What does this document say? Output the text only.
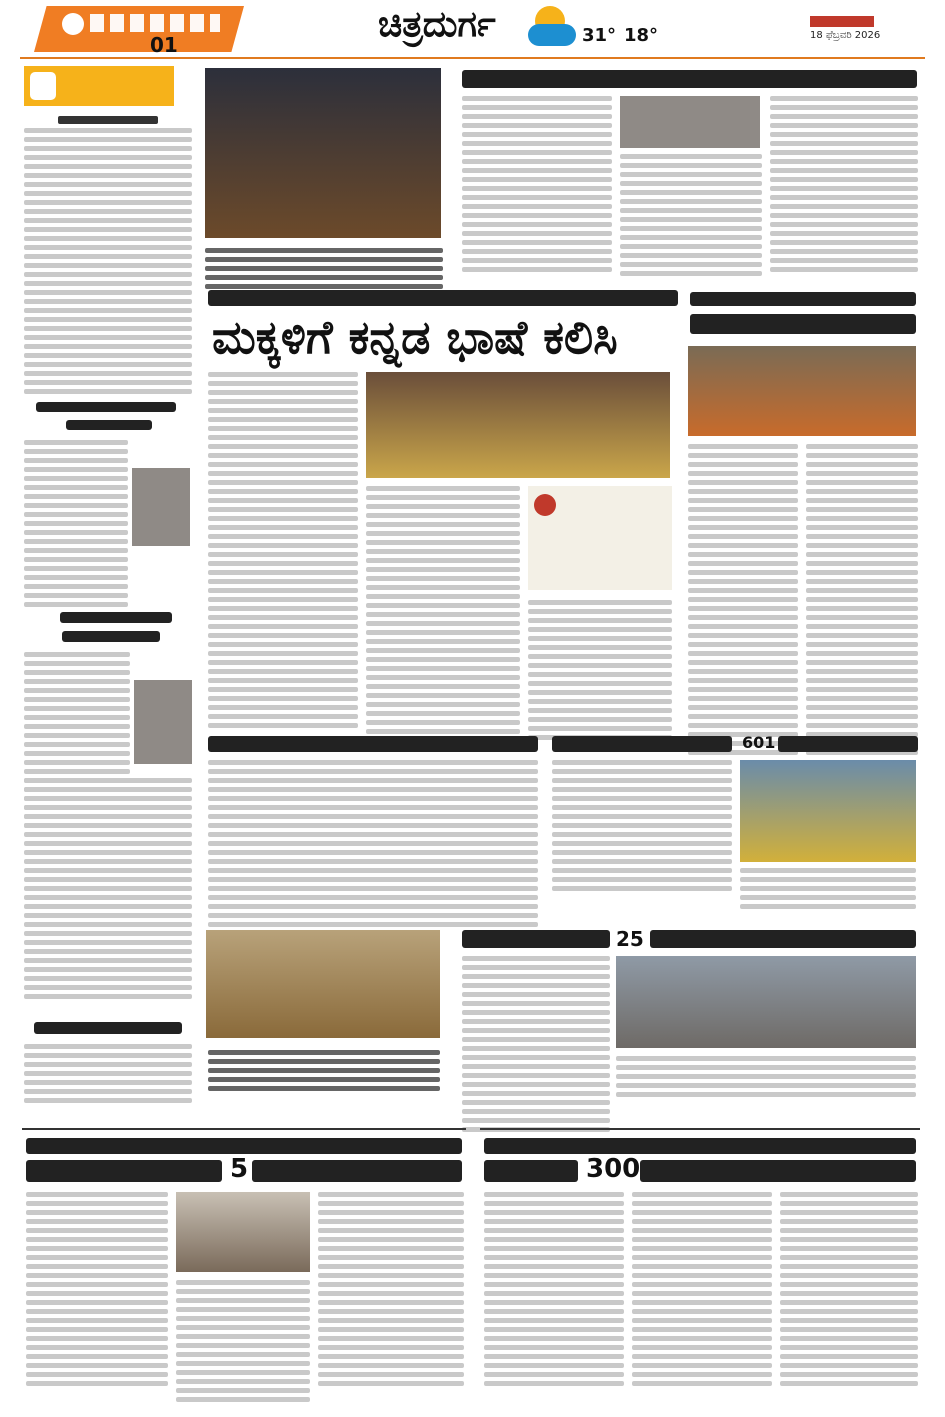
01	ಚಿತ್ರದುರ್ಗ	31° 18°	18 ಫೆಬ್ರವರಿ 2026
ಮಕ್ಕಳಿಗೆ ಕನ್ನಡ ಭಾಷೆ ಕಲಿಸಿ
601
25
5	300
